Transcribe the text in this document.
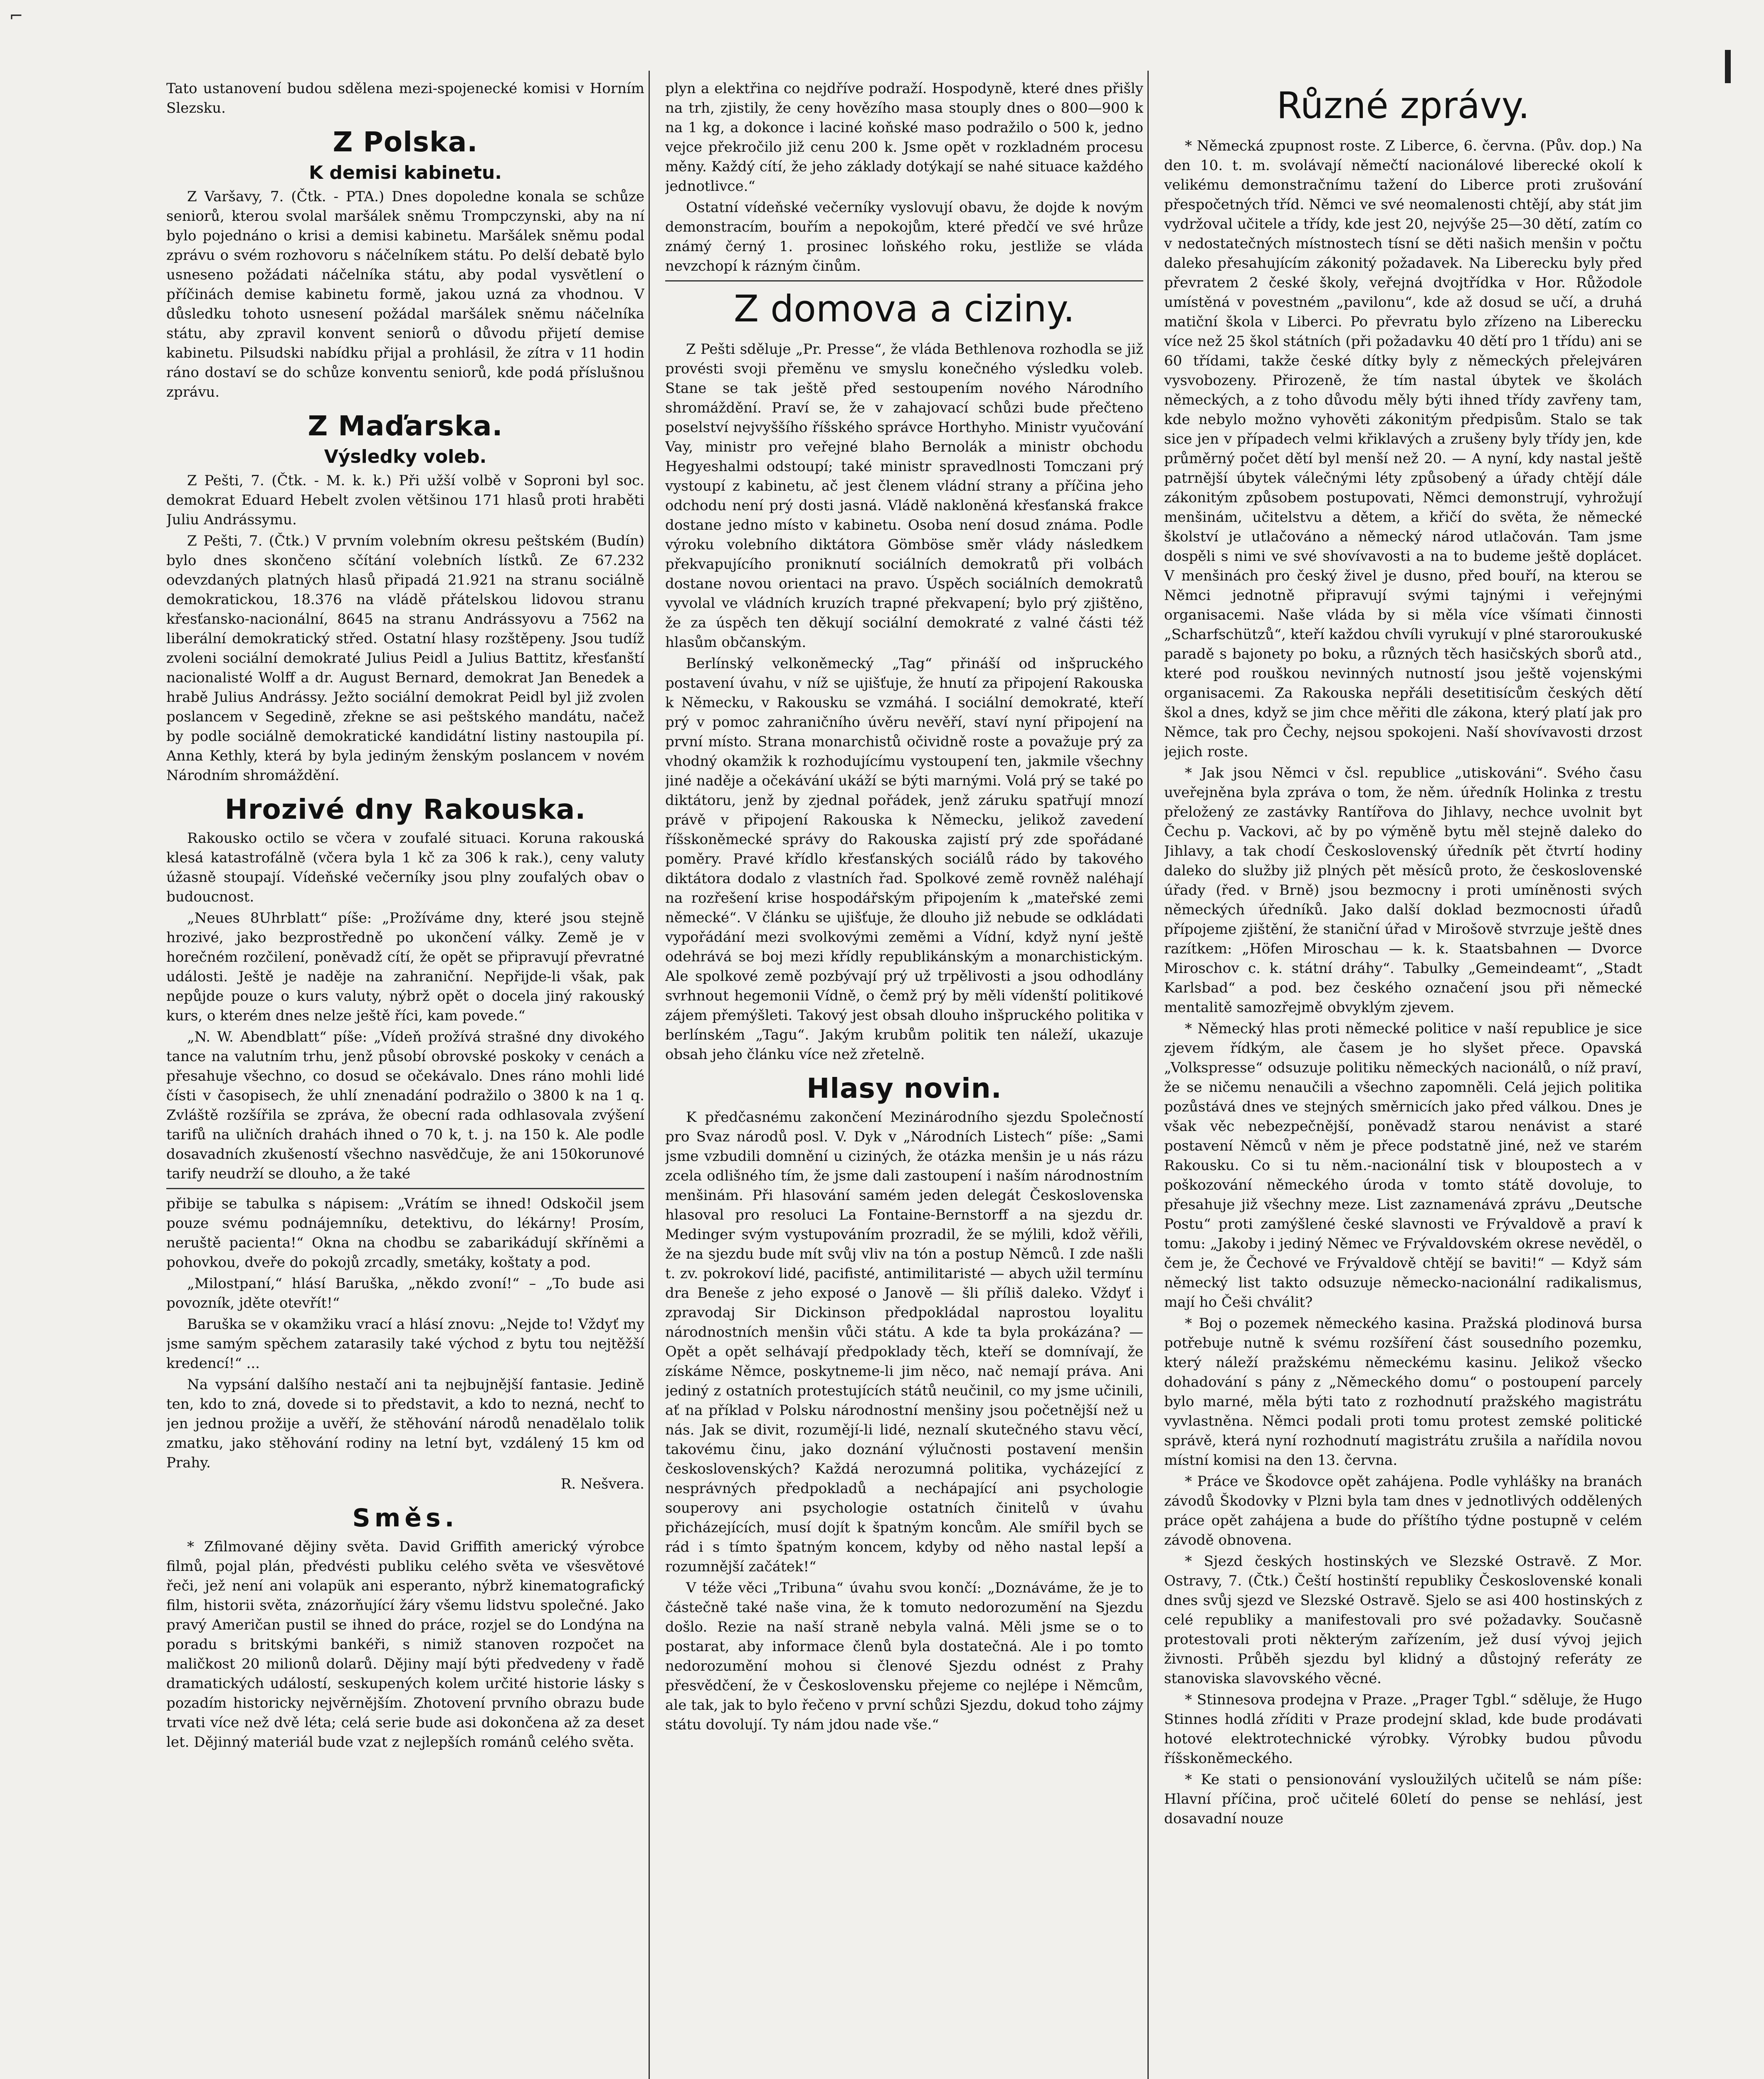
⌐

Tato ustanovení budou sdělena mezi-spojenecké komisi v Horním Slezsku.

Z Polska.
K demisi kabinetu.

Z Varšavy, 7. (Čtk. - PTA.) Dnes dopoledne konala se schůze seniorů, kterou svolal maršálek sněmu Trompczynski, aby na ní bylo pojednáno o krisi a demisi kabinetu. Maršálek sněmu podal zprávu o svém rozhovoru s náčelníkem státu. Po delší debatě bylo usneseno požádati náčelníka státu, aby podal vysvětlení o příčinách demise kabinetu formě, jakou uzná za vhodnou. V důsledku tohoto usnesení požádal maršálek sněmu náčelníka státu, aby zpravil konvent seniorů o důvodu přijetí demise kabinetu. Pilsudski nabídku přijal a prohlásil, že zítra v 11 hodin ráno dostaví se do schůze konventu seniorů, kde podá příslušnou zprávu.

Z Maďarska.
Výsledky voleb.

Z Pešti, 7. (Čtk. - M. k. k.) Při užší volbě v Soproni byl soc. demokrat Eduard Hebelt zvolen většinou 171 hlasů proti hraběti Juliu Andrássymu.

Z Pešti, 7. (Čtk.) V prvním volebním okresu peštském (Budín) bylo dnes skončeno sčítání volebních lístků. Ze 67.232 odevzdaných platných hlasů připadá 21.921 na stranu sociálně demokratickou, 18.376 na vládě přátelskou lidovou stranu křesťansko-nacionální, 8645 na stranu Andrássyovu a 7562 na liberální demokratický střed. Ostatní hlasy rozštěpeny. Jsou tudíž zvoleni sociální demokraté Julius Peidl a Julius Battitz, křesťanští nacionalisté Wolff a dr. August Bernard, demokrat Jan Benedek a hrabě Julius Andrássy. Ježto sociální demokrat Peidl byl již zvolen poslancem v Segedině, zřekne se asi peštského mandátu, načež by podle sociálně demokratické kandidátní listiny nastoupila pí. Anna Kethly, která by byla jediným ženským poslancem v novém Národním shromáždění.

Hrozivé dny Rakouska.

Rakousko octilo se včera v zoufalé situaci. Koruna rakouská klesá katastrofálně (včera byla 1 kč za 306 k rak.), ceny valuty úžasně stoupají. Vídeňské večerníky jsou plny zoufalých obav o budoucnost.

„Neues 8Uhrblatt“ píše: „Prožíváme dny, které jsou stejně hrozivé, jako bezprostředně po ukončení války. Země je v horečném rozčilení, poněvadž cítí, že opět se připravují převratné události. Ještě je naděje na zahraniční. Nepřijde-li však, pak nepůjde pouze o kurs valuty, nýbrž opět o docela jiný rakouský kurs, o kterém dnes nelze ještě říci, kam povede.“

„N. W. Abendblatt“ píše: „Vídeň prožívá strašné dny divokého tance na valutním trhu, jenž působí obrovské poskoky v cenách a přesahuje všechno, co dosud se očekávalo. Dnes ráno mohli lidé čísti v časopisech, že uhlí znenadání podražilo o 3800 k na 1 q. Zvláště rozšířila se zpráva, že obecní rada odhlasovala zvýšení tarifů na uličních drahách ihned o 70 k, t. j. na 150 k. Ale podle dosavadních zkušeností všechno nasvědčuje, že ani 150korunové tarify neudrží se dlouho, a že také

přibije se tabulka s nápisem: „Vrátím se ihned! Odskočil jsem pouze svému podnájemníku, detektivu, do lékárny! Prosím, neruště pacienta!“ Okna na chodbu se zabarikádují skříněmi a pohovkou, dveře do pokojů zrcadly, smetáky, koštaty a pod.

„Milostpaní,“ hlásí Baruška, „někdo zvoní!“ – „To bude asi povozník, jděte otevřít!“

Baruška se v okamžiku vrací a hlásí znovu: „Nejde to! Vždyť my jsme samým spěchem zatarasily také východ z bytu tou nejtěžší kredencí!“ ...

Na vypsání dalšího nestačí ani ta nejbujnější fantasie. Jedině ten, kdo to zná, dovede si to představit, a kdo to nezná, nechť to jen jednou prožije a uvěří, že stěhování národů nenadělalo tolik zmatku, jako stěhování rodiny na letní byt, vzdálený 15 km od Prahy.

R. Nešvera.

Směs.

* Zfilmované dějiny světa. David Griffith americký výrobce filmů, pojal plán, předvésti publiku celého světa ve všesvětové řeči, jež není ani volapük ani esperanto, nýbrž kinematografický film, historii světa, znázorňující žáry všemu lidstvu společné. Jako pravý Američan pustil se ihned do práce, rozjel se do Londýna na poradu s britskými bankéři, s nimiž stanoven rozpočet na maličkost 20 milionů dolarů. Dějiny mají býti předvedeny v řadě dramatických událostí, seskupených kolem určité historie lásky s pozadím historicky nejvěrnějším. Zhotovení prvního obrazu bude trvati více než dvě léta; celá serie bude asi dokončena až za deset let. Dějinný materiál bude vzat z nejlepších románů celého světa.

plyn a elektřina co nejdříve podraží. Hospodyně, které dnes přišly na trh, zjistily, že ceny hovězího masa stouply dnes o 800—900 k na 1 kg, a dokonce i laciné koňské maso podražilo o 500 k, jedno vejce překročilo již cenu 200 k. Jsme opět v rozkladném procesu měny. Každý cítí, že jeho základy dotýkají se nahé situace každého jednotlivce.“

Ostatní vídeňské večerníky vyslovují obavu, že dojde k novým demonstracím, bouřím a nepokojům, které předčí ve své hrůze známý černý 1. prosinec loňského roku, jestliže se vláda nevzchopí k rázným činům.

Z domova a ciziny.

Z Pešti sděluje „Pr. Presse“, že vláda Bethlenova rozhodla se již provésti svoji přeměnu ve smyslu konečného výsledku voleb. Stane se tak ještě před sestoupením nového Národního shromáždění. Praví se, že v zahajovací schůzi bude přečteno poselství nejvyššího říšského správce Horthyho. Ministr vyučování Vay, ministr pro veřejné blaho Bernolák a ministr obchodu Hegyeshalmi odstoupí; také ministr spravedlnosti Tomczani prý vystoupí z kabinetu, ač jest členem vládní strany a příčina jeho odchodu není prý dosti jasná. Vládě nakloněná křesťanská frakce dostane jedno místo v kabinetu. Osoba není dosud známa. Podle výroku volebního diktátora Gömböse směr vlády následkem překvapujícího proniknutí sociálních demokratů při volbách dostane novou orientaci na pravo. Úspěch sociálních demokratů vyvolal ve vládních kruzích trapné překvapení; bylo prý zjištěno, že za úspěch ten děkují sociální demokraté z valné části též hlasům občanským.

Berlínský velkoněmecký „Tag“ přináší od inšpruckého postavení úvahu, v níž se ujišťuje, že hnutí za připojení Rakouska k Německu, v Rakousku se vzmáhá. I sociální demokraté, kteří prý v pomoc zahraničního úvěru nevěří, staví nyní připojení na první místo. Strana monarchistů očividně roste a považuje prý za vhodný okamžik k rozhodujícímu vystoupení ten, jakmile všechny jiné naděje a očekávání ukáží se býti marnými. Volá prý se také po diktátoru, jenž by zjednal pořádek, jenž záruku spatřují mnozí právě v připojení Rakouska k Německu, jelikož zavedení říšskoněmecké správy do Rakouska zajistí prý zde spořádané poměry. Pravé křídlo křesťanských sociálů rádo by takového diktátora dodalo z vlastních řad. Spolkové země rovněž naléhají na rozřešení krise hospodářským připojením k „mateřské zemi německé“. V článku se ujišťuje, že dlouho již nebude se odkládati vypořádání mezi svolkovými zeměmi a Vídní, když nyní ještě odehrává se boj mezi křídly republikánským a monarchistickým. Ale spolkové země pozbývají prý už trpělivosti a jsou odhodlány svrhnout hegemonii Vídně, o čemž prý by měli vídenští politikové zájem přemýšleti. Takový jest obsah dlouho inšpruckého politika v berlínském „Tagu“. Jakým krubům politik ten náleží, ukazuje obsah jeho článku více než zřetelně.

Hlasy novin.

K předčasnému zakončení Mezinárodního sjezdu Společností pro Svaz národů posl. V. Dyk v „Národních Listech“ píše: „Sami jsme vzbudili domnění u ciziných, že otázka menšin je u nás rázu zcela odlišného tím, že jsme dali zastoupení i naším národnostním menšinám. Při hlasování samém jeden delegát Československa hlasoval pro resoluci La Fontaine-Bernstorff a na sjezdu dr. Medinger svým vystupováním prozradil, že se mýlili, kdož věřili, že na sjezdu bude mít svůj vliv na tón a postup Němců. I zde našli t. zv. pokrokoví lidé, pacifisté, antimilitaristé — abych užil termínu dra Beneše z jeho exposé o Janově — šli příliš daleko. Vždyť i zpravodaj Sir Dickinson předpokládal naprostou loyalitu národnostních menšin vůči státu. A kde ta byla prokázána? — Opět a opět selhávají předpoklady těch, kteří se domnívají, že získáme Němce, poskytneme-li jim něco, nač nemají práva. Ani jediný z ostatních protestujících států neučinil, co my jsme učinili, ať na příklad v Polsku národnostní menšiny jsou početnější než u nás. Jak se divit, rozumějí-li lidé, neznalí skutečného stavu věcí, takovému činu, jako doznání výlučnosti postavení menšin československých? Každá nerozumná politika, vycházející z nesprávných předpokladů a nechápající ani psychologie souperovy ani psychologie ostatních činitelů v úvahu přicházejících, musí dojít k špatným koncům. Ale smířil bych se rád i s tímto špatným koncem, kdyby od něho nastal lepší a rozumnější začátek!“

V téže věci „Tribuna“ úvahu svou končí: „Doznáváme, že je to částečně také naše vina, že k tomuto nedorozumění na Sjezdu došlo. Rezie na naší straně nebyla valná. Měli jsme se o to postarat, aby informace členů byla dostatečná. Ale i po tomto nedorozumění mohou si členové Sjezdu odnést z Prahy přesvědčení, že v Československu přejeme co nejlépe i Němcům, ale tak, jak to bylo řečeno v první schůzi Sjezdu, dokud toho zájmy státu dovolují. Ty nám jdou nade vše.“

Různé zprávy.

* Německá zpupnost roste. Z Liberce, 6. června. (Pův. dop.) Na den 10. t. m. svolávají němečtí nacionálové liberecké okolí k velikému demonstračnímu tažení do Liberce proti zrušování přespočetných tříd. Němci ve své neomalenosti chtějí, aby stát jim vydržoval učitele a třídy, kde jest 20, nejvýše 25—30 dětí, zatím co v nedostatečných místnostech tísní se děti našich menšin v počtu daleko přesahujícím zákonitý požadavek. Na Liberecku byly před převratem 2 české školy, veřejná dvojtřídka v Hor. Růžodole umístěná v povestném „pavilonu“, kde až dosud se učí, a druhá matiční škola v Liberci. Po převratu bylo zřízeno na Liberecku více než 25 škol státních (při požadavku 40 dětí pro 1 třídu) ani se 60 třídami, takže české dítky byly z německých přelejváren vysvobozeny. Přirozeně, že tím nastal úbytek ve školách německých, a z toho důvodu měly býti ihned třídy zavřeny tam, kde nebylo možno vyhověti zákonitým předpisům. Stalo se tak sice jen v případech velmi křiklavých a zrušeny byly třídy jen, kde průměrný počet dětí byl menší než 20. — A nyní, kdy nastal ještě patrnější úbytek válečnými léty způsobený a úřady chtějí dále zákonitým způsobem postupovati, Němci demonstrují, vyhrožují menšinám, učitelstvu a dětem, a křičí do světa, že německé školství je utlačováno a německý národ utlačován. Tam jsme dospěli s nimi ve své shovívavosti a na to budeme ještě doplácet. V menšinách pro český živel je dusno, před bouří, na kterou se Němci jednotně připravují svými tajnými i veřejnými organisacemi. Naše vláda by si měla více všímati činnosti „Scharfschützů“, kteří každou chvíli vyrukují v plné staroroukuské paradě s bajonety po boku, a různých těch hasičských sborů atd., které pod rouškou nevinných nutností jsou ještě vojenskými organisacemi. Za Rakouska nepřáli desetitisícům českých dětí škol a dnes, když se jim chce měřiti dle zákona, který platí jak pro Němce, tak pro Čechy, nejsou spokojeni. Naší shovívavosti drzost jejich roste.

* Jak jsou Němci v čsl. republice „utiskováni“. Svého času uveřejněna byla zpráva o tom, že něm. úředník Holinka z trestu přeložený ze zastávky Rantířova do Jihlavy, nechce uvolnit byt Čechu p. Vackovi, ač by po výměně bytu měl stejně daleko do Jihlavy, a tak chodí Československý úředník pět čtvrtí hodiny daleko do služby již plných pět měsíců proto, že československé úřady (řed. v Brně) jsou bezmocny i proti umíněnosti svých německých úředníků. Jako další doklad bezmocnosti úřadů přípojeme zjištění, že staniční úřad v Mirošově stvrzuje ještě dnes razítkem: „Höfen Miroschau — k. k. Staatsbahnen — Dvorce Miroschov c. k. státní dráhy“. Tabulky „Gemeindeamt“, „Stadt Karlsbad“ a pod. bez českého označení jsou při německé mentalitě samozřejmě obvyklým zjevem.

* Německý hlas proti německé politice v naší republice je sice zjevem řídkým, ale časem je ho slyšet přece. Opavská „Volkspresse“ odsuzuje politiku německých nacionálů, o níž praví, že se ničemu nenaučili a všechno zapomněli. Celá jejich politika pozůstává dnes ve stejných směrnicích jako před válkou. Dnes je však věc nebezpečnější, poněvadž starou nenávist a staré postavení Němců v něm je přece podstatně jiné, než ve starém Rakousku. Co si tu něm.-nacionální tisk v bloupostech a v poškozování německého úroda v tomto státě dovoluje, to přesahuje již všechny meze. List zaznamenává zprávu „Deutsche Postu“ proti zamýšlené české slavnosti ve Frývaldově a praví k tomu: „Jakoby i jediný Němec ve Frývaldovském okrese nevěděl, o čem je, že Čechové ve Frývaldově chtějí se baviti!“ — Když sám německý list takto odsuzuje německo-nacionální radikalismus, mají ho Češi chválit?

* Boj o pozemek německého kasina. Pražská plodinová bursa potřebuje nutně k svému rozšíření část sousedního pozemku, který náleží pražskému německému kasinu. Jelikož všecko dohadování s pány z „Německého domu“ o postoupení parcely bylo marné, měla býti tato z rozhodnutí pražského magistrátu vyvlastněna. Němci podali proti tomu protest zemské politické správě, která nyní rozhodnutí magistrátu zrušila a nařídila novou místní komisi na den 13. června.

* Práce ve Škodovce opět zahájena. Podle vyhlášky na branách závodů Škodovky v Plzni byla tam dnes v jednotlivých oddělených práce opět zahájena a bude do příštího týdne postupně v celém závodě obnovena.

* Sjezd českých hostinských ve Slezské Ostravě. Z Mor. Ostravy, 7. (Čtk.) Čeští hostinští republiky Československé konali dnes svůj sjezd ve Slezské Ostravě. Sjelo se asi 400 hostinských z celé republiky a manifestovali pro své požadavky. Současně protestovali proti některým zařízením, jež dusí vývoj jejich živnosti. Průběh sjezdu byl klidný a důstojný referáty ze stanoviska slavovského věcné.

* Stinnesova prodejna v Praze. „Prager Tgbl.“ sděluje, že Hugo Stinnes hodlá zříditi v Praze prodejní sklad, kde bude prodávati hotové elektrotechnické výrobky. Výrobky budou původu říšskoněmeckého.

* Ke stati o pensionování vysloužilých učitelů se nám píše: Hlavní příčina, proč učitelé 60letí do pense se nehlásí, jest dosavadní nouze
